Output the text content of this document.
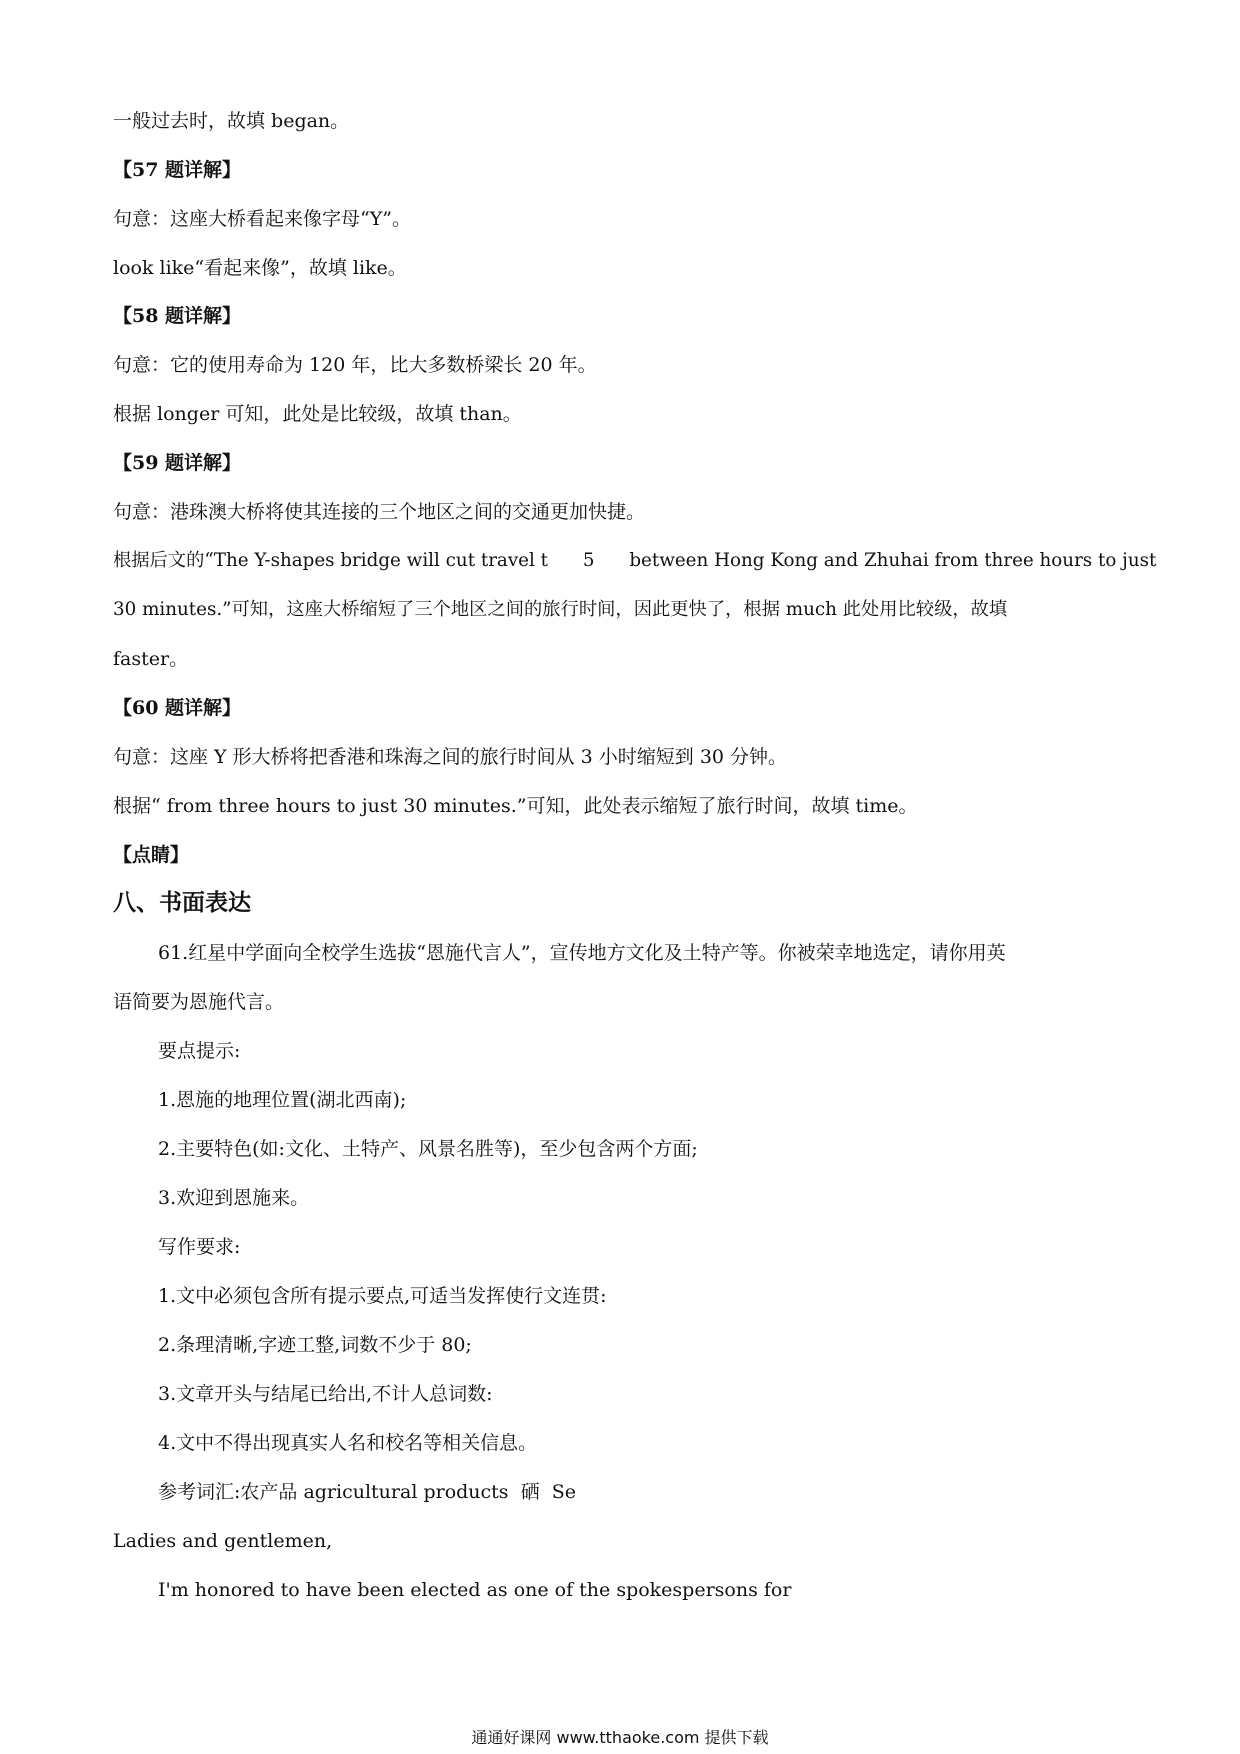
一般过去时，故填 began。

【57 题详解】

句意：这座大桥看起来像字母“Y”。

look like“看起来像”，故填 like。

【58 题详解】

句意：它的使用寿命为 120 年，比大多数桥梁长 20 年。

根据 longer 可知，此处是比较级，故填 than。

【59 题详解】

句意：港珠澳大桥将使其连接的三个地区之间的交通更加快捷。

根据后文的“The Y-shapes bridge will cut travel t      5      between Hong Kong and Zhuhai from three hours to just

30 minutes.”可知，这座大桥缩短了三个地区之间的旅行时间，因此更快了，根据 much 此处用比较级，故填

faster。

【60 题详解】

句意：这座 Y 形大桥将把香港和珠海之间的旅行时间从 3 小时缩短到 30 分钟。

根据“ from three hours to just 30 minutes.”可知，此处表示缩短了旅行时间，故填 time。

【点睛】

八、书面表达

61.红星中学面向全校学生选拔“恩施代言人”，宣传地方文化及土特产等。你被荣幸地选定，请你用英

语简要为恩施代言。

要点提示:

1.恩施的地理位置(湖北西南);

2.主要特色(如:文化、土特产、风景名胜等)，至少包含两个方面;

3.欢迎到恩施来。

写作要求:

1.文中必须包含所有提示要点,可适当发挥使行文连贯:

2.条理清晰,字迹工整,词数不少于 80;

3.文章开头与结尾已给出,不计人总词数:

4.文中不得出现真实人名和校名等相关信息。

参考词汇:农产品 agricultural products  硒  Se

Ladies and gentlemen,

I'm honored to have been elected as one of the spokespersons for

通通好课网 www.tthaoke.com 提供下载
